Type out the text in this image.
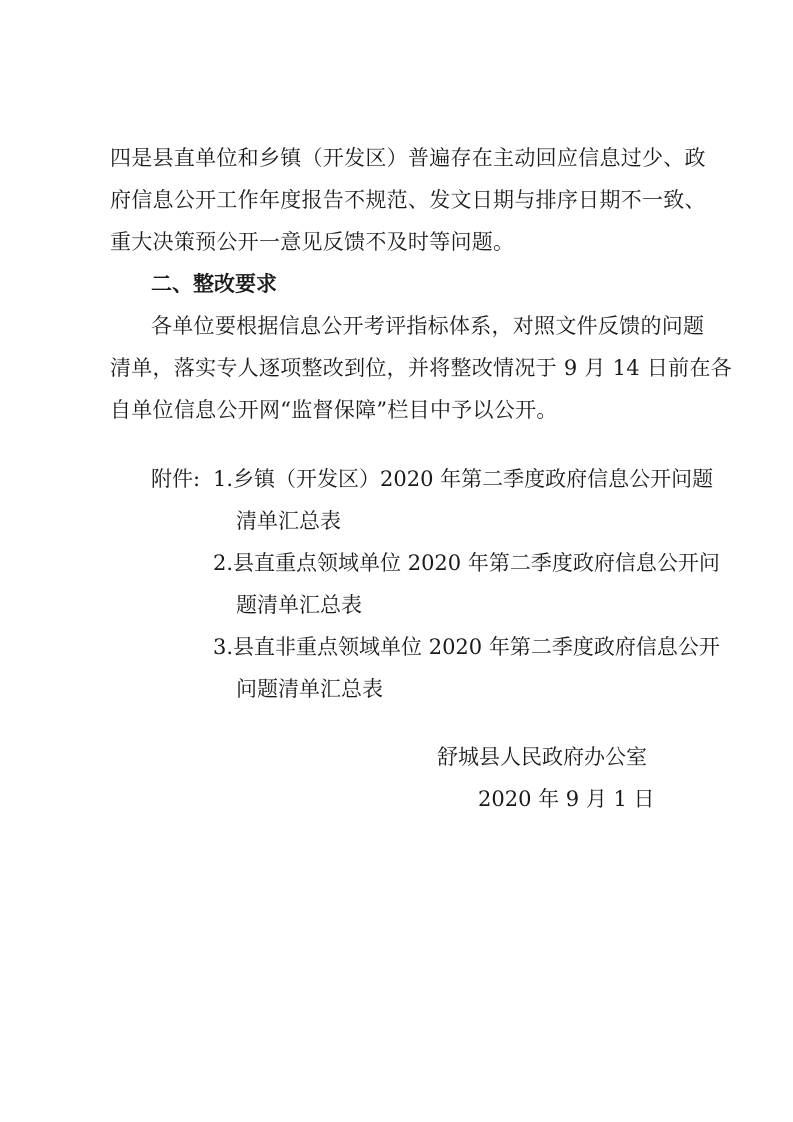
四是县直单位和乡镇（开发区）普遍存在主动回应信息过少、政
府信息公开工作年度报告不规范、发文日期与排序日期不一致、
重大决策预公开一意见反馈不及时等问题。
二、整改要求
各单位要根据信息公开考评指标体系，对照文件反馈的问题
清单，落实专人逐项整改到位，并将整改情况于 9 月 14 日前在各
自单位信息公开网“监督保障”栏目中予以公开。
附件: 1.乡镇（开发区）2020 年第二季度政府信息公开问题
清单汇总表
2.县直重点领域单位 2020 年第二季度政府信息公开问
题清单汇总表
3.县直非重点领域单位 2020 年第二季度政府信息公开
问题清单汇总表
舒城县人民政府办公室
2020 年 9 月 1 日
